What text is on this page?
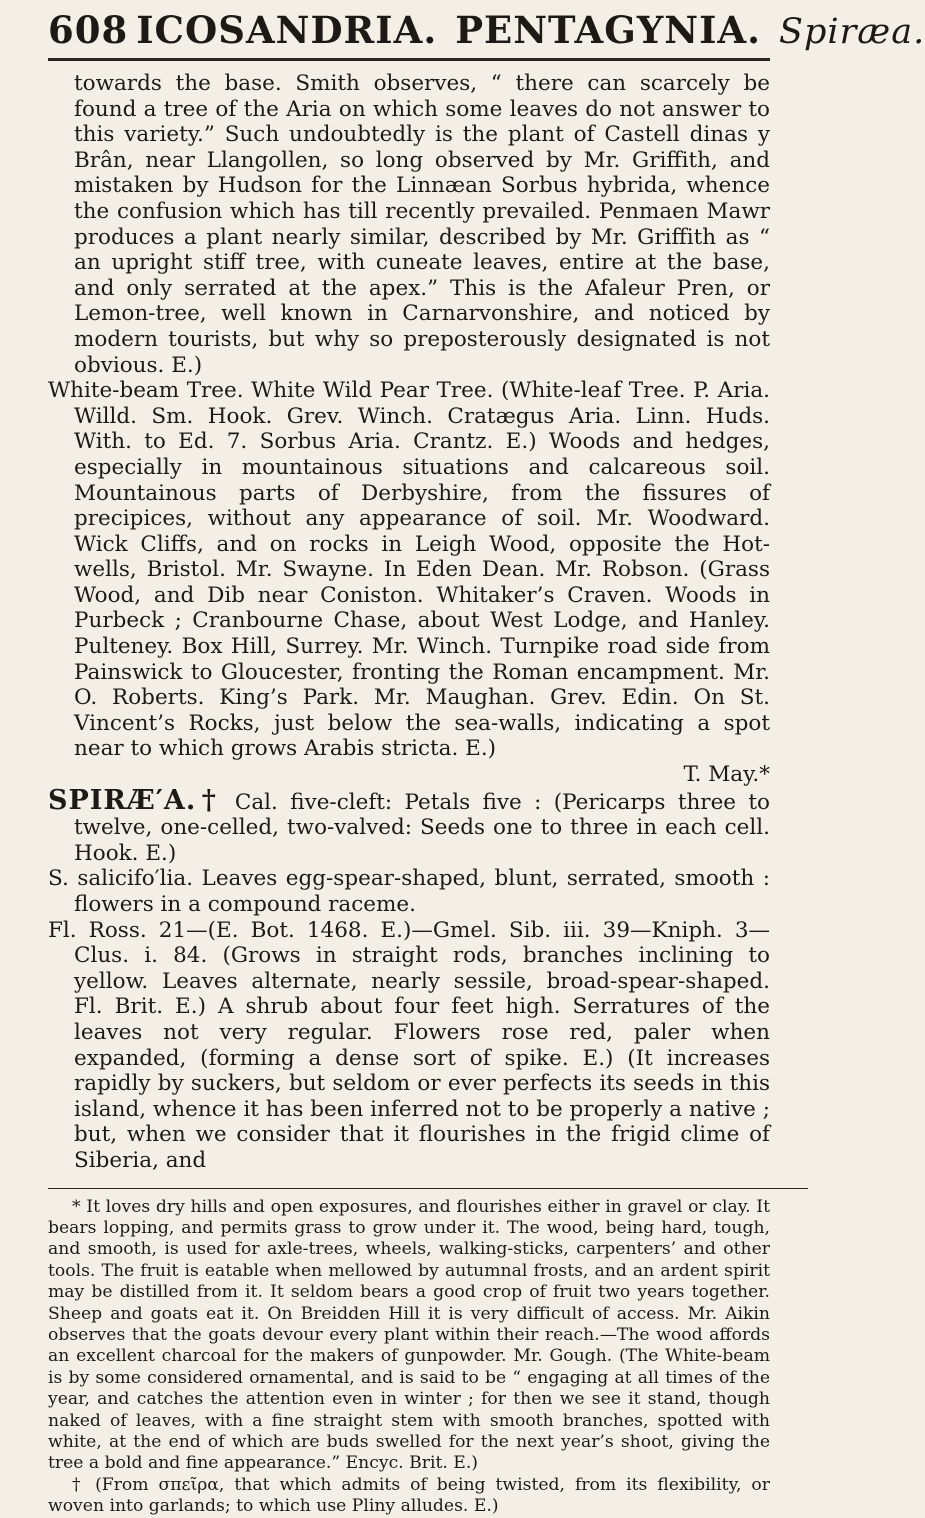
608 ICOSANDRIA. PENTAGYNIA. Spiræa.

towards the base. Smith observes, “ there can scarcely be found a tree of the Aria on which some leaves do not answer to this variety.” Such undoubtedly is the plant of Castell dinas y Brân, near Llangollen, so long observed by Mr. Griffith, and mistaken by Hudson for the Linnæan Sorbus hybrida, whence the confusion which has till recently prevailed. Penmaen Mawr produces a plant nearly similar, described by Mr. Griffith as “ an upright stiff tree, with cuneate leaves, entire at the base, and only serrated at the apex.” This is the Afaleur Pren, or Lemon-tree, well known in Carnarvonshire, and noticed by modern tourists, but why so preposterously designated is not obvious. E.)

White-beam Tree. White Wild Pear Tree. (White-leaf Tree. P. Aria. Willd. Sm. Hook. Grev. Winch. Cratægus Aria. Linn. Huds. With. to Ed. 7. Sorbus Aria. Crantz. E.) Woods and hedges, especially in mountainous situations and calcareous soil. Mountainous parts of Derbyshire, from the fissures of precipices, without any appearance of soil. Mr. Woodward. Wick Cliffs, and on rocks in Leigh Wood, opposite the Hot-wells, Bristol. Mr. Swayne. In Eden Dean. Mr. Robson. (Grass Wood, and Dib near Coniston. Whitaker’s Craven. Woods in Purbeck ; Cranbourne Chase, about West Lodge, and Hanley. Pulteney. Box Hill, Surrey. Mr. Winch. Turnpike road side from Painswick to Gloucester, fronting the Roman encampment. Mr. O. Roberts. King’s Park. Mr. Maughan. Grev. Edin. On St. Vincent’s Rocks, just below the sea-walls, indicating a spot near to which grows Arabis stricta. E.)

T. May.*

SPIRÆ′A.† Cal. five-cleft: Petals five : (Pericarps three to twelve, one-celled, two-valved: Seeds one to three in each cell. Hook. E.)

S. salicifo′lia. Leaves egg-spear-shaped, blunt, serrated, smooth : flowers in a compound raceme.

Fl. Ross. 21—(E. Bot. 1468. E.)—Gmel. Sib. iii. 39—Kniph. 3—Clus. i. 84. (Grows in straight rods, branches inclining to yellow. Leaves alternate, nearly sessile, broad-spear-shaped. Fl. Brit. E.) A shrub about four feet high. Serratures of the leaves not very regular. Flowers rose red, paler when expanded, (forming a dense sort of spike. E.) (It increases rapidly by suckers, but seldom or ever perfects its seeds in this island, whence it has been inferred not to be properly a native ; but, when we consider that it flourishes in the frigid clime of Siberia, and

* It loves dry hills and open exposures, and flourishes either in gravel or clay. It bears lopping, and permits grass to grow under it. The wood, being hard, tough, and smooth, is used for axle-trees, wheels, walking-sticks, carpenters’ and other tools. The fruit is eatable when mellowed by autumnal frosts, and an ardent spirit may be distilled from it. It seldom bears a good crop of fruit two years together. Sheep and goats eat it. On Breidden Hill it is very difficult of access. Mr. Aikin observes that the goats devour every plant within their reach.—The wood affords an excellent charcoal for the makers of gunpowder. Mr. Gough. (The White-beam is by some considered ornamental, and is said to be “ engaging at all times of the year, and catches the attention even in winter ; for then we see it stand, though naked of leaves, with a fine straight stem with smooth branches, spotted with white, at the end of which are buds swelled for the next year’s shoot, giving the tree a bold and fine appearance.” Encyc. Brit. E.)

† (From σπεῖρα, that which admits of being twisted, from its flexibility, or woven into garlands; to which use Pliny alludes. E.)
